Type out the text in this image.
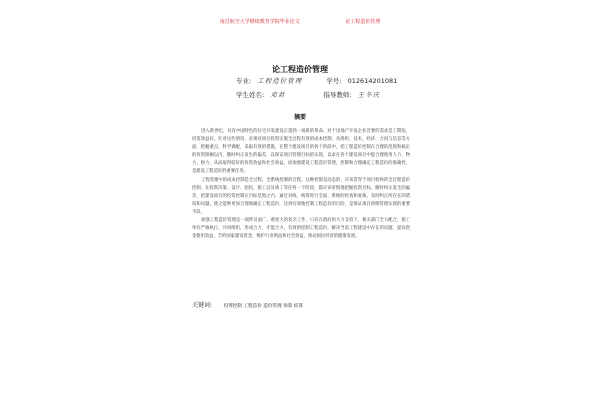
南昌航空大学继续教育学院毕业论文	论工程造价管理
论工程造价管理
专业: 工程造价管理	学号: 012614201081
学生姓名: 邓君	指导教师: 王冬庆
摘要

进入新世纪，具有中国特色的住宅开发建设正蓬勃一场新的革命。对于房地产开发企业首要的需求是工期短，投资效益好。针对这些情况，必须对项目投资实施全过程有效的成本控制，从组织、技术、经济、合同与信息等方面，把握重点，科学调配，采取有效的措施，在整个建设项目的各个阶段中，把工程造价控制在合理的范围和核定的投资限额以内，随时纠正发生的偏差，以保证项目管理目标的实现，以求在各个建设项目中能合理使用人力、物力、财力，从而取得较好的投资效益和社会效益。而加强建设工程造价管理，控制和合理确定工程造价的准确性，是建设工程造价的重要任务。

工程管理中的成本控制是全过程、全系统控制的过程，这种控制是动态的，应该贯穿于项目始终的全过程造价控制，在投资决策、设计、招投、施工以及竣工等任何一个阶段，都应该审慎地把握投资目标，随时纠正发生的偏差，把建设项目的投资控制在目标范围之内。通过对线、统筹进行全面、系统的检查和复核，及时纠正所存在的错误和问题，使之能够更加合理地确定工程造价，达到有效地控制工程造价的目的，是保证项目预期管理实现的重要手段。

加强工程造价管理是一项涉及面广、难度大的复杂工作，只有在政府的大力支持下，相关部门全力配合，施工单位严格执行，共同组织，形成合力，才能合力，有效的控制工程造价，解决当前工程建设中存在的问题，提高资金使用效益，节约国家建设资金，维护行业利益和社会效益，推动国民经济的健康发展。

关键词:	投资控制 工程造价 造价管理 预算 结算
